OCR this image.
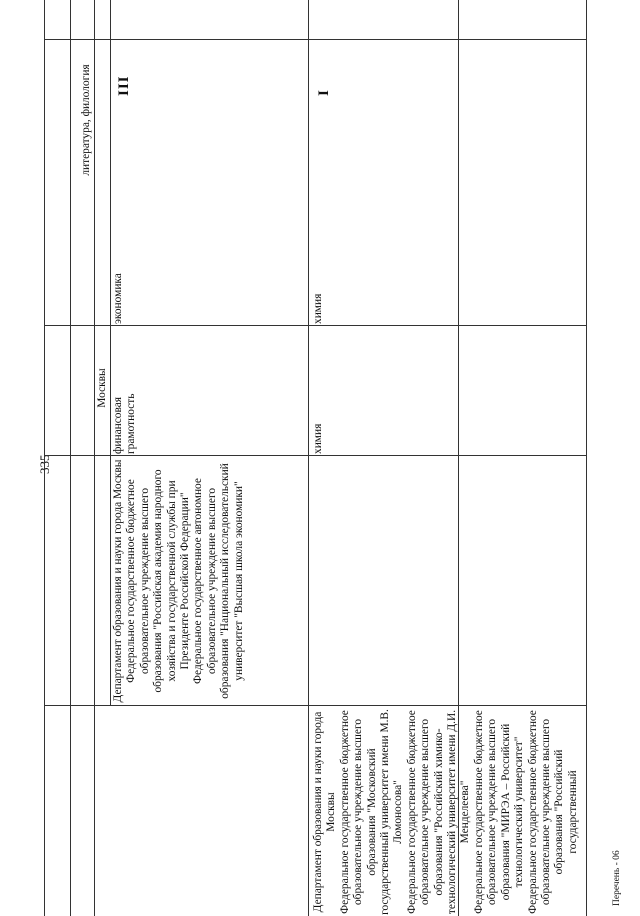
335
Перечень - 06
Москвы

Департамент образования и науки города Москвы Федеральное государственное бюджетное образовательное учреждение высшего образования "Российская академия народного хозяйства и государственной службы при Президенте Российской Федерации" Федеральное государственное автономное образовательное учреждение высшего образования "Национальный исследовательский университет "Высшая школа экономики"

финансовая грамотность
экономика
литература, филология III

Департамент образования и науки города Москвы Федеральное государственное бюджетное образовательное учреждение высшего образования "Московский государственный университет имени М.В. Ломоносова" Федеральное государственное бюджетное образовательное учреждение высшего образования "Российский химико-технологический университет имени Д.И. Менделеева" Федеральное государственное бюджетное образовательное учреждение высшего образования "МИРЭА – Российский технологический университет" Федеральное государственное бюджетное образовательное учреждение высшего образования "Российский государственный

химия
химия
I
